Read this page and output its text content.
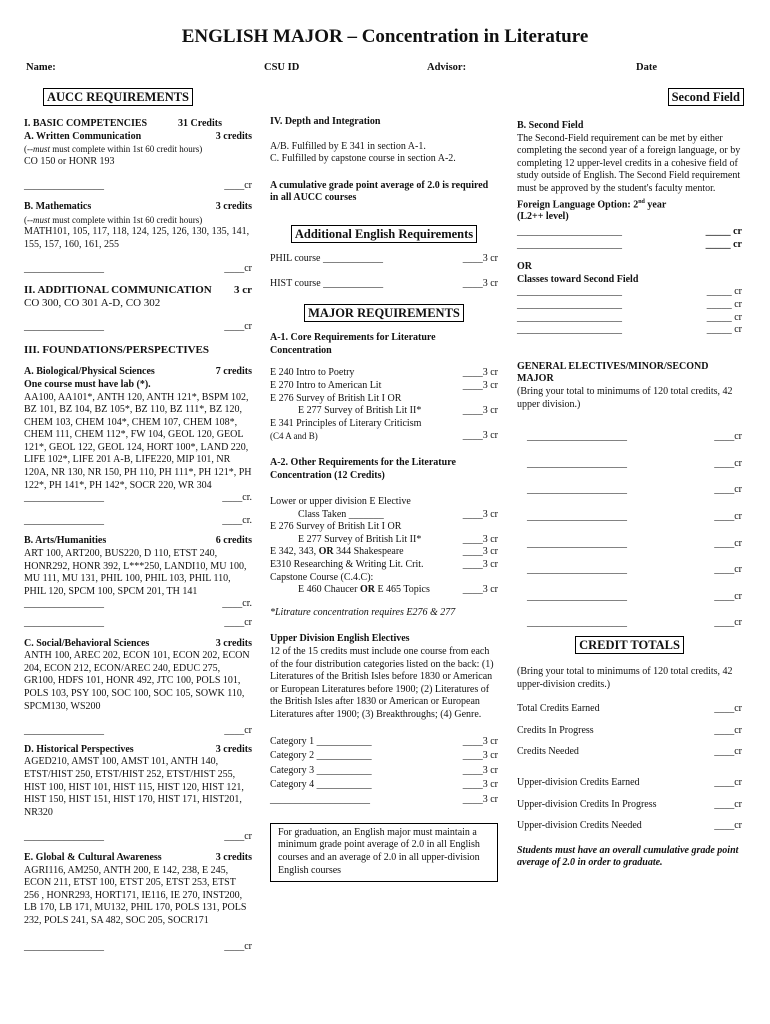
ENGLISH MAJOR – Concentration in Literature
Name:	CSU ID	Advisor:	Date
AUCC REQUIREMENTS
I. BASIC COMPETENCIES	31 Credits
A. Written Communication	3 credits
(--must must complete within 1st 60 credit hours)
CO 150 or HONR 193
________________	____cr
B. Mathematics	3 credits
(--must must complete within 1st 60 credit hours)
MATH101, 105, 117, 118, 124, 125, 126, 130, 135, 141, 155, 157, 160, 161, 255
________________	____cr
II. ADDITIONAL COMMUNICATION 3 cr
CO 300, CO 301 A-D, CO 302
________________	____cr
III. FOUNDATIONS/PERSPECTIVES
A. Biological/Physical Sciences	7 credits
One course must have lab (*).
AA100, AA101*, ANTH 120, ANTH 121*, BSPM 102, BZ 101, BZ 104, BZ 105*, BZ 110, BZ 111*, BZ 120, CHEM 103, CHEM 104*, CHEM 107, CHEM 108*, CHEM 111, CHEM 112*, FW 104, GEOL 120, GEOL 121*, GEOL 122, GEOL 124, HORT 100*, LAND 220, LIFE 102*, LIFE 201 A-B, LIFE220, MIP 101, NR 120A, NR 130, NR 150, PH 110, PH 111*, PH 121*, PH 122*, PH 141*, PH 142*, SOCR 220, WR 304
________________	____cr.
________________	____cr.
B. Arts/Humanities	6 credits
ART 100, ART200, BUS220, D 110, ETST 240, HONR292, HONR 392, L***250, LANDI10, MU 100, MU 111, MU 131, PHIL 100, PHIL 103, PHIL 110, PHIL 120, SPCM 100, SPCM 201, TH 141
________________	____cr.
________________	____cr
C. Social/Behavioral Sciences	3 credits
ANTH 100, AREC 202, ECON 101, ECON 202, ECON 204, ECON 212, ECON/AREC 240, EDUC 275, GR100, HDFS 101, HONR 492, JTC 100, POLS 101, POLS 103, PSY 100, SOC 100, SOC 105, SOWK 110, SPCM130, WS200
________________	____cr
D. Historical Perspectives	3 credits
AGED210, AMST 100, AMST 101, ANTH 140, ETST/HIST 250, ETST/HIST 252, ETST/HIST 255, HIST 100, HIST 101, HIST 115, HIST 120, HIST 121, HIST 150, HIST 151, HIST 170, HIST 171, HIST201, NR320
________________	____cr
E. Global & Cultural Awareness	3 credits
AGRI116, AM250, ANTH 200, E 142, 238, E 245, ECON 211, ETST 100, ETST 205, ETST 253, ETST 256 , HONR293, HORT171, IE116, IE 270, INST200, LB 170, LB 171, MU132, PHIL 170, POLS 131, POLS 232, POLS 241, SA 482, SOC 205, SOCR171
________________	____cr
IV. Depth and Integration
A/B. Fulfilled by E 341 in section A-1.
C. Fulfilled by capstone course in section A-2.
A cumulative grade point average of 2.0 is required in all AUCC courses
Additional English Requirements
PHIL course ____________	____3 cr
HIST course ____________	____3 cr
MAJOR REQUIREMENTS
A-1. Core Requirements for Literature Concentration
E 240 Intro to Poetry	____3 cr
E 270 Intro to American Lit	____3 cr
E 276 Survey of British Lit I OR
E 277 Survey of British Lit II*	____3 cr
E 341 Principles of Literary Criticism
(C4 A and B)	____3 cr
A-2. Other Requirements for the Literature Concentration (12 Credits)
Lower or upper division E Elective
Class Taken _______	____3 cr
E 276 Survey of British Lit I OR
E 277 Survey of British Lit II*	____3 cr
E 342, 343, OR 344 Shakespeare	____3 cr
E310 Researching & Writing Lit. Crit.	____3 cr
Capstone Course (C.4.C):
E 460 Chaucer OR E 465 Topics	____3 cr
*Litrature concentration requires E276 & 277
Upper Division English Electives
12 of the 15 credits must include one course from each of the four distribution categories listed on the back: (1) Literatures of the British Isles before 1830 or American or European Literatures before 1900; (2) Literatures of the British Isles after 1830 or American or European Literatures after 1900; (3) Breakthroughs; (4) Genre.
Category 1 ___________	____3 cr
Category 2 ___________	____3 cr
Category 3 ___________	____3 cr
Category 4 ___________	____3 cr
____________________	____3 cr
For graduation, an English major must maintain a minimum grade point average of 2.0 in all English courses and an average of 2.0 in all upper-division English courses
Second Field
B. Second Field
The Second-Field requirement can be met by either completing the second year of a foreign language, or by completing 12 upper-level credits in a cohesive field of study outside of English. The Second Field requirement must be approved by the student's faculty mentor.
Foreign Language Option: 2nd year
(L2++ level)
_____________________	_____ cr
_____________________	_____ cr
OR
Classes toward Second Field
_____________________	_____ cr
_____________________	_____ cr
_____________________	_____ cr
_____________________	_____ cr
GENERAL ELECTIVES/MINOR/SECOND MAJOR
(Bring your total to minimums of 120 total credits, 42 upper division.)
____________________	____cr
____________________	____cr
____________________	____cr
____________________	____cr
____________________	____cr
____________________	____cr
____________________	____cr
____________________	____cr
CREDIT TOTALS
(Bring your total to minimums of 120 total credits, 42 upper-division credits.)
Total Credits Earned	____cr
Credits In Progress	____cr
Credits Needed	____cr
Upper-division Credits Earned	____cr
Upper-division Credits In Progress	____cr
Upper-division Credits Needed	____cr
Students must have an overall cumulative grade point average of 2.0 in order to graduate.
